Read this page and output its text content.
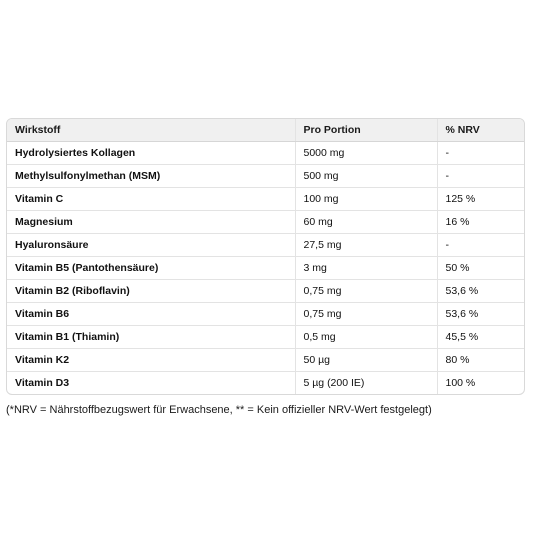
Wirkstoff	Pro Portion	% NRV
Hydrolysiertes Kollagen	5000 mg	-
Methylsulfonylmethan (MSM)	500 mg	-
Vitamin C	100 mg	125 %
Magnesium	60 mg	16 %
Hyaluronsäure	27,5 mg	-
Vitamin B5 (Pantothensäure)	3 mg	50 %
Vitamin B2 (Riboflavin)	0,75 mg	53,6 %
Vitamin B6	0,75 mg	53,6 %
Vitamin B1 (Thiamin)	0,5 mg	45,5 %
Vitamin K2	50 µg	80 %
Vitamin D3	5 µg (200 IE)	100 %
(*NRV = Nährstoffbezugswert für Erwachsene, ** = Kein offizieller NRV-Wert festgelegt)
